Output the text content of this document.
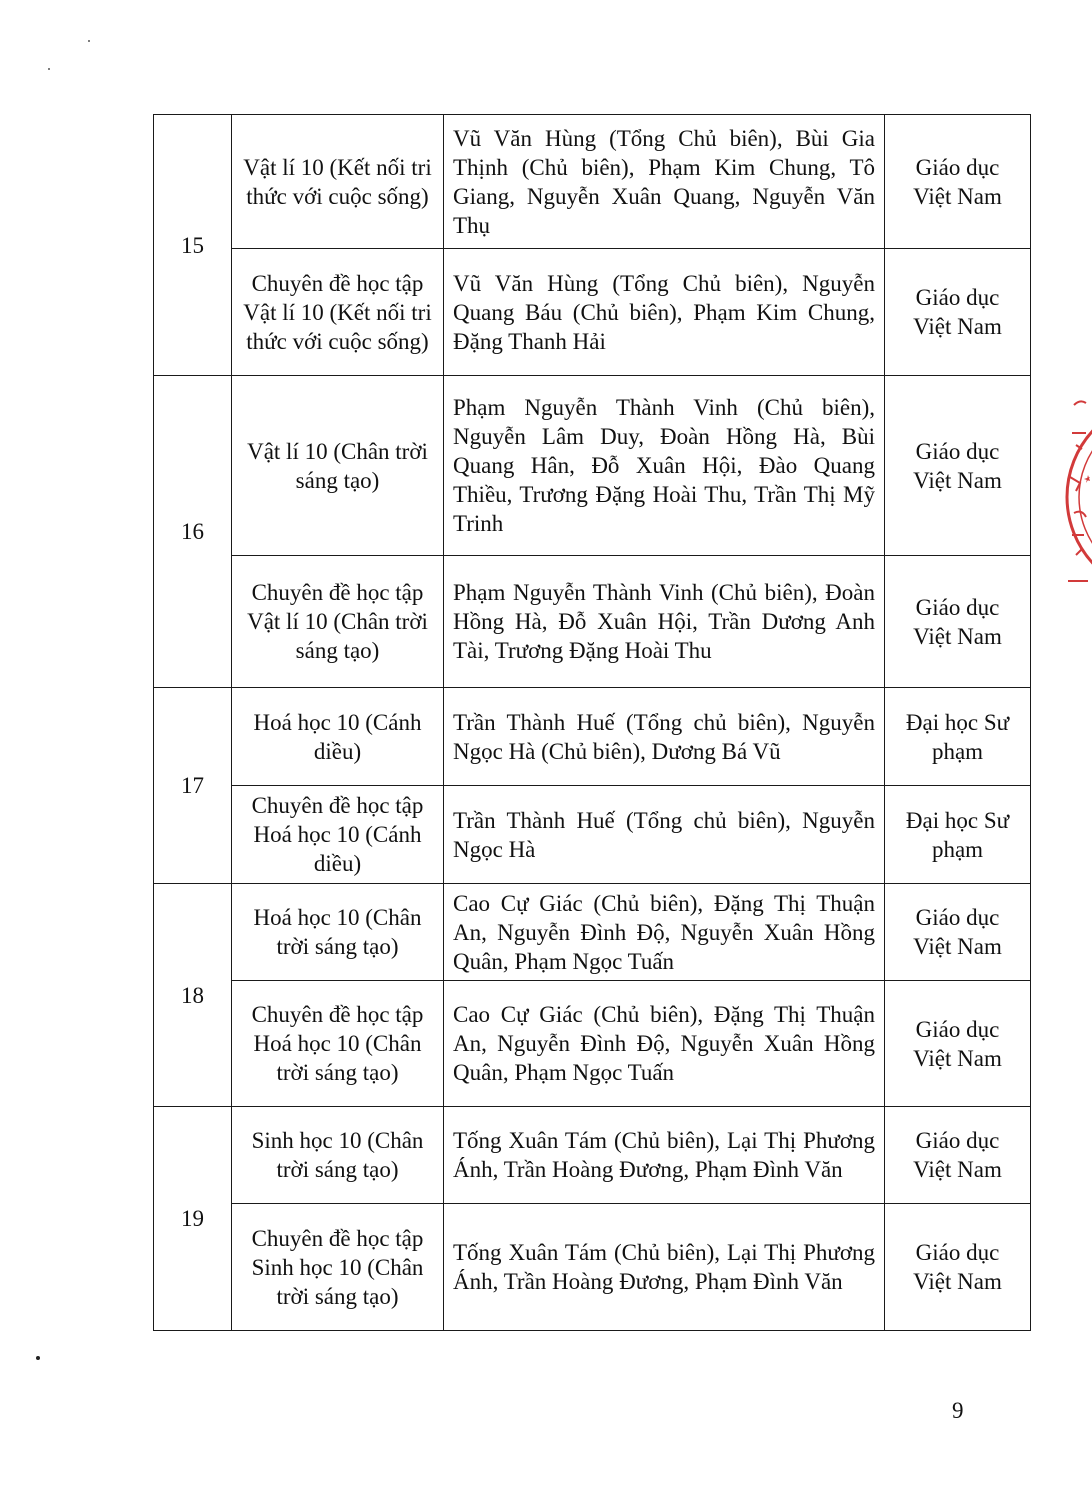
15	Vật lí 10 (Kết nối tri thức với cuộc sống)	Vũ Văn Hùng (Tổng Chủ biên), Bùi Gia Thịnh (Chủ biên), Phạm Kim Chung, Tô Giang, Nguyễn Xuân Quang, Nguyễn Văn Thụ	Giáo dục Việt Nam
	Chuyên đề học tập Vật lí 10 (Kết nối tri thức với cuộc sống)	Vũ Văn Hùng (Tổng Chủ biên), Nguyễn Quang Báu (Chủ biên), Phạm Kim Chung, Đặng Thanh Hải	Giáo dục Việt Nam
16	Vật lí 10 (Chân trời sáng tạo)	Phạm Nguyễn Thành Vinh (Chủ biên), Nguyễn Lâm Duy, Đoàn Hồng Hà, Bùi Quang Hân, Đỗ Xuân Hội, Đào Quang Thiều, Trương Đặng Hoài Thu, Trần Thị Mỹ Trinh	Giáo dục Việt Nam
	Chuyên đề học tập Vật lí 10 (Chân trời sáng tạo)	Phạm Nguyễn Thành Vinh (Chủ biên), Đoàn Hồng Hà, Đỗ Xuân Hội, Trần Dương Anh Tài, Trương Đặng Hoài Thu	Giáo dục Việt Nam
17	Hoá học 10 (Cánh diều)	Trần Thành Huế (Tổng chủ biên), Nguyễn Ngọc Hà (Chủ biên), Dương Bá Vũ	Đại học Sư phạm
	Chuyên đề học tập Hoá học 10 (Cánh diều)	Trần Thành Huế (Tổng chủ biên), Nguyễn Ngọc Hà	Đại học Sư phạm
18	Hoá học 10 (Chân trời sáng tạo)	Cao Cự Giác (Chủ biên), Đặng Thị Thuận An, Nguyễn Đình Độ, Nguyễn Xuân Hồng Quân, Phạm Ngọc Tuấn	Giáo dục Việt Nam
	Chuyên đề học tập Hoá học 10 (Chân trời sáng tạo)	Cao Cự Giác (Chủ biên), Đặng Thị Thuận An, Nguyễn Đình Độ, Nguyễn Xuân Hồng Quân, Phạm Ngọc Tuấn	Giáo dục Việt Nam
19	Sinh học 10 (Chân trời sáng tạo)	Tống Xuân Tám (Chủ biên), Lại Thị Phương Ánh, Trần Hoàng Đương, Phạm Đình Văn	Giáo dục Việt Nam
	Chuyên đề học tập Sinh học 10 (Chân trời sáng tạo)	Tống Xuân Tám (Chủ biên), Lại Thị Phương Ánh, Trần Hoàng Đương, Phạm Đình Văn	Giáo dục Việt Nam
9
